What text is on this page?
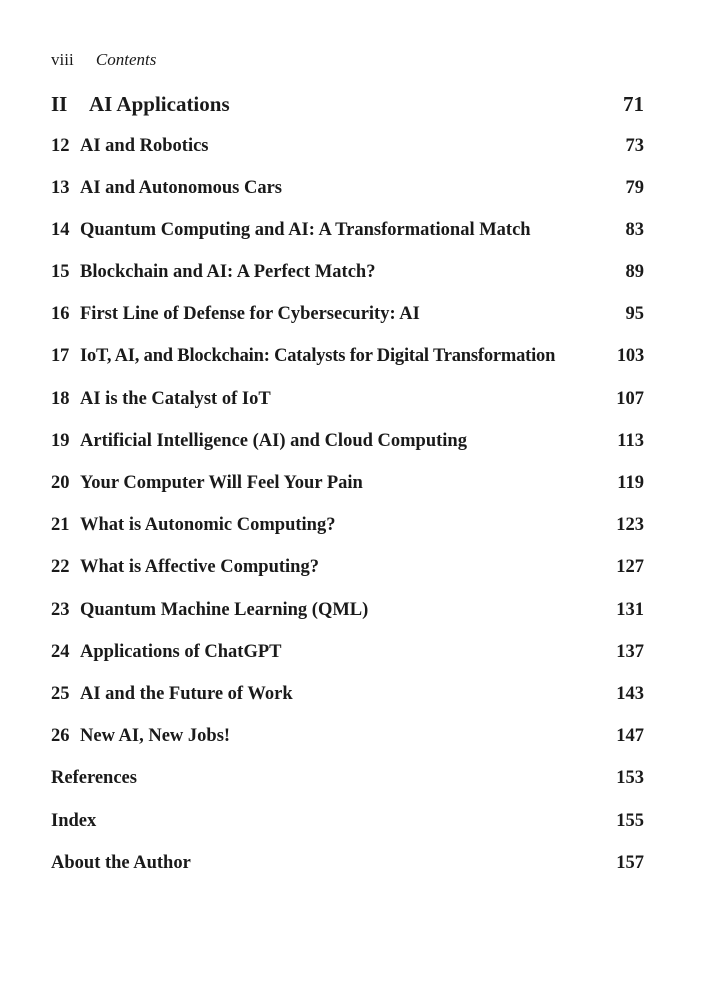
viii Contents
II	AI Applications	71
12 AI and Robotics	73
13 AI and Autonomous Cars	79
14 Quantum Computing and AI: A Transformational Match	83
15 Blockchain and AI: A Perfect Match?	89
16 First Line of Defense for Cybersecurity: AI	95
17 IoT, AI, and Blockchain: Catalysts for Digital Transformation	103
18 AI is the Catalyst of IoT	107
19 Artificial Intelligence (AI) and Cloud Computing	113
20 Your Computer Will Feel Your Pain	119
21 What is Autonomic Computing?	123
22 What is Affective Computing?	127
23 Quantum Machine Learning (QML)	131
24 Applications of ChatGPT	137
25 AI and the Future of Work	143
26 New AI, New Jobs!	147
References	153
Index	155
About the Author	157
